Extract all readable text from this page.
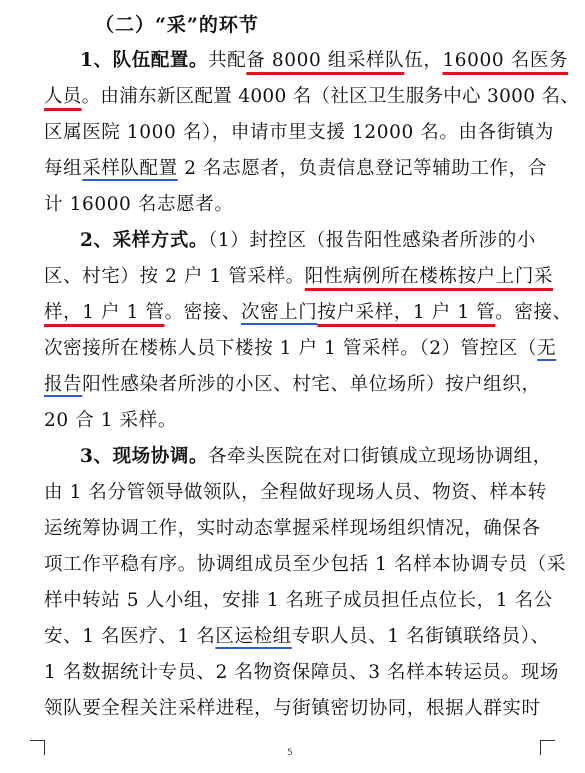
（二）“采”的环节
1、队伍配置。共配备 8000 组采样队伍，16000 名医务
人员。由浦东新区配置 4000 名（社区卫生服务中心 3000 名、
区属医院 1000 名），申请市里支援 12000 名。由各街镇为
每组采样队配置 2 名志愿者，负责信息登记等辅助工作，合
计 16000 名志愿者。
2、采样方式。（1）封控区（报告阳性感染者所涉的小
区、村宅）按 2 户 1 管采样。阳性病例所在楼栋按户上门采
样，1 户 1 管。密接、次密上门按户采样，1 户 1 管。密接、
次密接所在楼栋人员下楼按 1 户 1 管采样。（2）管控区（无
报告阳性感染者所涉的小区、村宅、单位场所）按户组织，
20 合 1 采样。
3、现场协调。各牵头医院在对口街镇成立现场协调组，
由 1 名分管领导做领队，全程做好现场人员、物资、样本转
运统筹协调工作，实时动态掌握采样现场组织情况，确保各
项工作平稳有序。协调组成员至少包括 1 名样本协调专员（采
样中转站 5 人小组，安排 1 名班子成员担任点位长，1 名公
安、1 名医疗、1 名区运检组专职人员、1 名街镇联络员）、
1 名数据统计专员、2 名物资保障员、3 名样本转运员。现场
领队要全程关注采样进程，与街镇密切协同，根据人群实时
5
